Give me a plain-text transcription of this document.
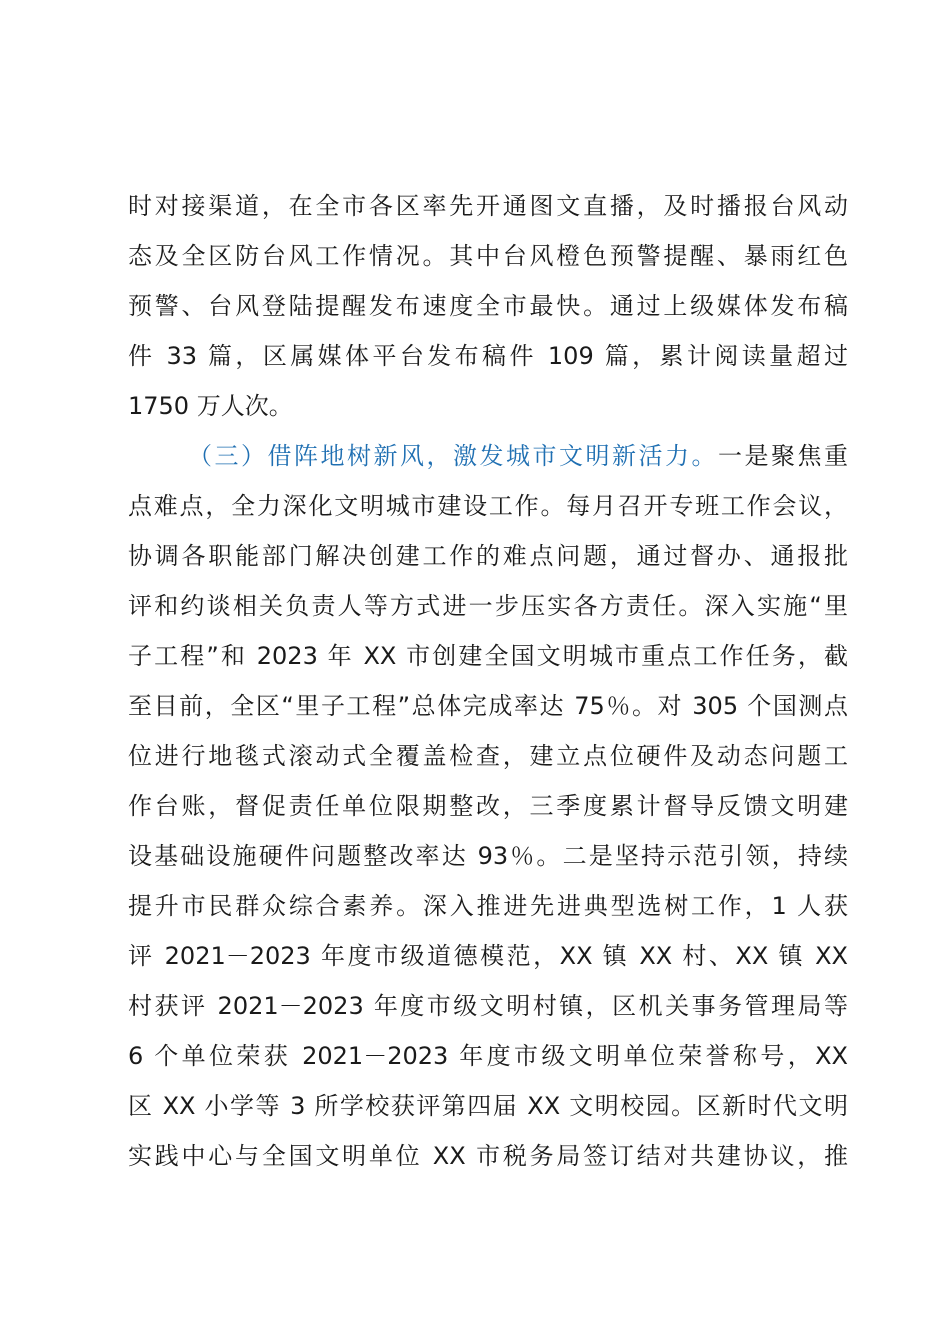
时对接渠道，在全市各区率先开通图文直播，及时播报台风动
态及全区防台风工作情况。其中台风橙色预警提醒、暴雨红色
预警、台风登陆提醒发布速度全市最快。通过上级媒体发布稿
件 33 篇，区属媒体平台发布稿件 109 篇，累计阅读量超过
1750 万人次。
（三）借阵地树新风，激发城市文明新活力。一是聚焦重
点难点，全力深化文明城市建设工作。每月召开专班工作会议，
协调各职能部门解决创建工作的难点问题，通过督办、通报批
评和约谈相关负责人等方式进一步压实各方责任。深入实施“里
子工程”和 2023 年 XX 市创建全国文明城市重点工作任务，截
至目前，全区“里子工程”总体完成率达 75％。对 305 个国测点
位进行地毯式滚动式全覆盖检查，建立点位硬件及动态问题工
作台账，督促责任单位限期整改，三季度累计督导反馈文明建
设基础设施硬件问题整改率达 93％。二是坚持示范引领，持续
提升市民群众综合素养。深入推进先进典型选树工作，1 人获
评 2021－2023 年度市级道德模范，XX 镇 XX 村、XX 镇 XX
村获评 2021－2023 年度市级文明村镇，区机关事务管理局等
6 个单位荣获 2021－2023 年度市级文明单位荣誉称号，XX
区 XX 小学等 3 所学校获评第四届 XX 文明校园。区新时代文明
实践中心与全国文明单位 XX 市税务局签订结对共建协议，推
